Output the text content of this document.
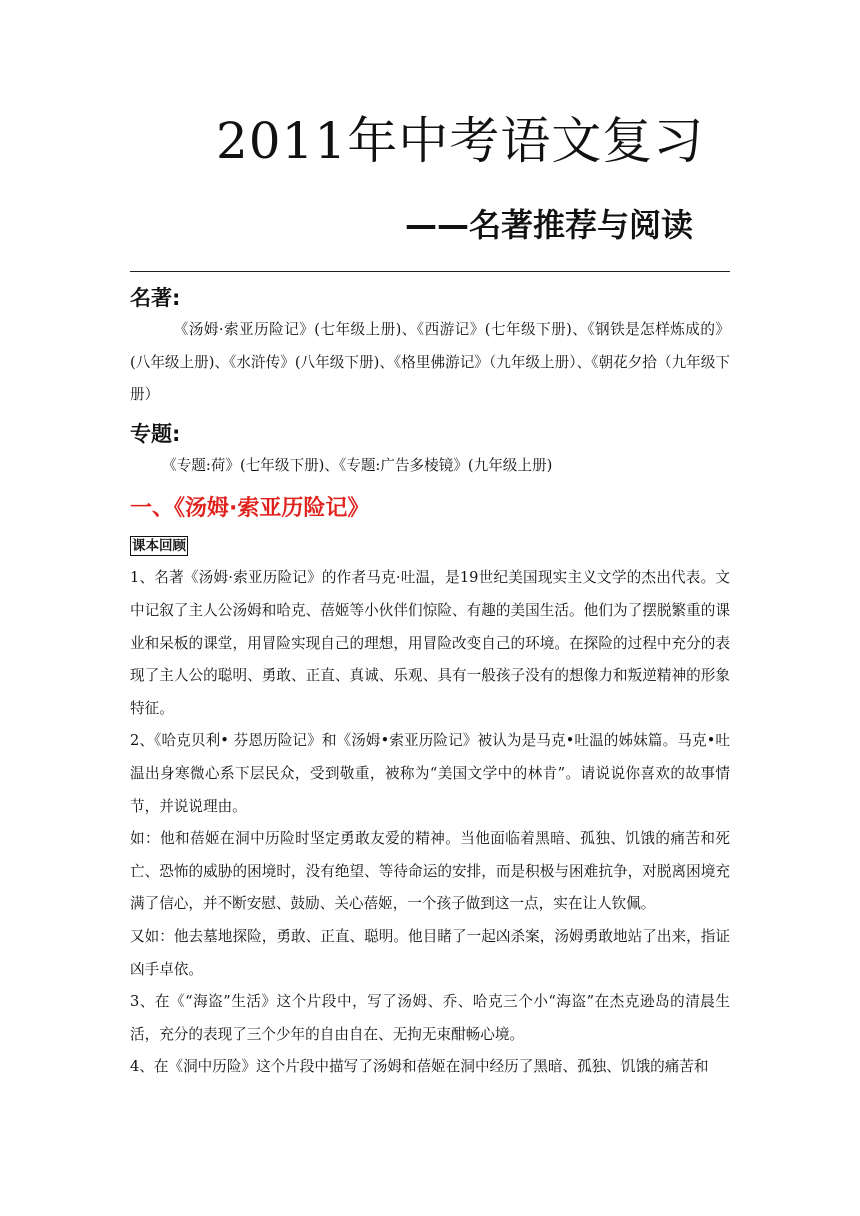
2011年中考语文复习
——名著推荐与阅读
名著:

《汤姆·索亚历险记》(七年级上册)、《西游记》(七年级下册)、《钢铁是怎样炼成的》(八年级上册)、《水浒传》(八年级下册)、《格里佛游记》（九年级上册）、《朝花夕拾（九年级下册）

专题:

《专题:荷》(七年级下册)、《专题:广告多棱镜》(九年级上册)

一、《汤姆·索亚历险记》
课本回顾

1、名著《汤姆·索亚历险记》的作者马克·吐温，是19世纪美国现实主义文学的杰出代表。文中记叙了主人公汤姆和哈克、蓓姬等小伙伴们惊险、有趣的美国生活。他们为了摆脱繁重的课业和呆板的课堂，用冒险实现自己的理想，用冒险改变自己的环境。在探险的过程中充分的表现了主人公的聪明、勇敢、正直、真诚、乐观、具有一般孩子没有的想像力和叛逆精神的形象特征。

2、《哈克贝利• 芬恩历险记》和《汤姆•索亚历险记》被认为是马克•吐温的姊妹篇。马克•吐温出身寒微心系下层民众，受到敬重，被称为“美国文学中的林肯”。请说说你喜欢的故事情节，并说说理由。

如：他和蓓姬在洞中历险时坚定勇敢友爱的精神。当他面临着黑暗、孤独、饥饿的痛苦和死亡、恐怖的威胁的困境时，没有绝望、等待命运的安排，而是积极与困难抗争，对脱离困境充满了信心，并不断安慰、鼓励、关心蓓姬，一个孩子做到这一点，实在让人钦佩。

又如：他去墓地探险，勇敢、正直、聪明。他目睹了一起凶杀案，汤姆勇敢地站了出来，指证凶手卓依。

3、在《“海盗”生活》这个片段中，写了汤姆、乔、哈克三个小“海盗”在杰克逊岛的清晨生活，充分的表现了三个少年的自由自在、无拘无束酣畅心境。

4、在《洞中历险》这个片段中描写了汤姆和蓓姬在洞中经历了黑暗、孤独、饥饿的痛苦和
